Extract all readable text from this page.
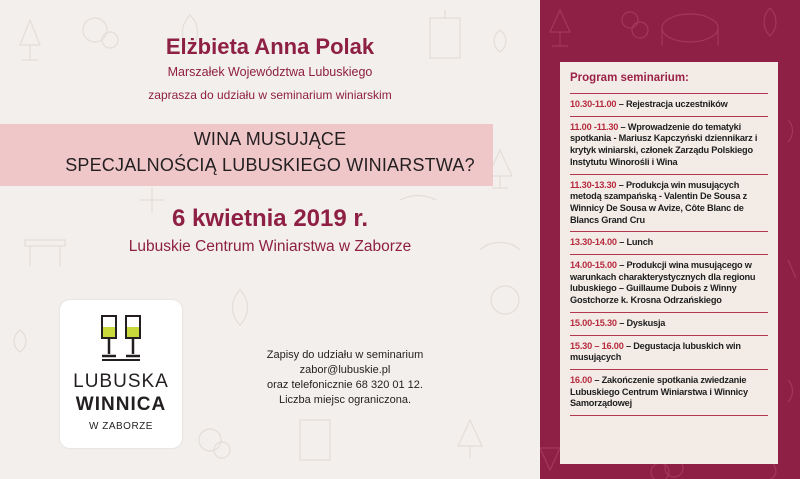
Elżbieta Anna Polak
Marszałek Województwa Lubuskiego
zaprasza do udziału w seminarium winiarskim
WINA MUSUJĄCE
SPECJALNOŚCIĄ LUBUSKIEGO WINIARSTWA?
6 kwietnia 2019 r.
Lubuskie Centrum Winiarstwa w Zaborze
LUBUSKA
WINNICA
W ZABORZE
Zapisy do udziału w seminarium
zabor@lubuskie.pl
oraz telefonicznie 68 320 01 12.
Liczba miejsc ograniczona.
Program seminarium:
10.30-11.00 – Rejestracja uczestników
11.00 -11.30 – Wprowadzenie do tematyki spotkania - Mariusz Kapczyński dziennikarz i krytyk winiarski, członek Zarządu Polskiego Instytutu Winorośli i Wina
11.30-13.30 – Produkcja win musujących metodą szampańską - Valentin De Sousa z Winnicy De Sousa w Avize, Côte Blanc de Blancs Grand Cru
13.30-14.00 – Lunch
14.00-15.00 – Produkcji wina musującego w warunkach charakterystycznych dla regionu lubuskiego – Guillaume Dubois z Winny Gostchorze k. Krosna Odrzańskiego
15.00-15.30 – Dyskusja
15.30 – 16.00 – Degustacja lubuskich win musujących
16.00 – Zakończenie spotkania zwiedzanie Lubuskiego Centrum Winiarstwa i Winnicy Samorządowej
